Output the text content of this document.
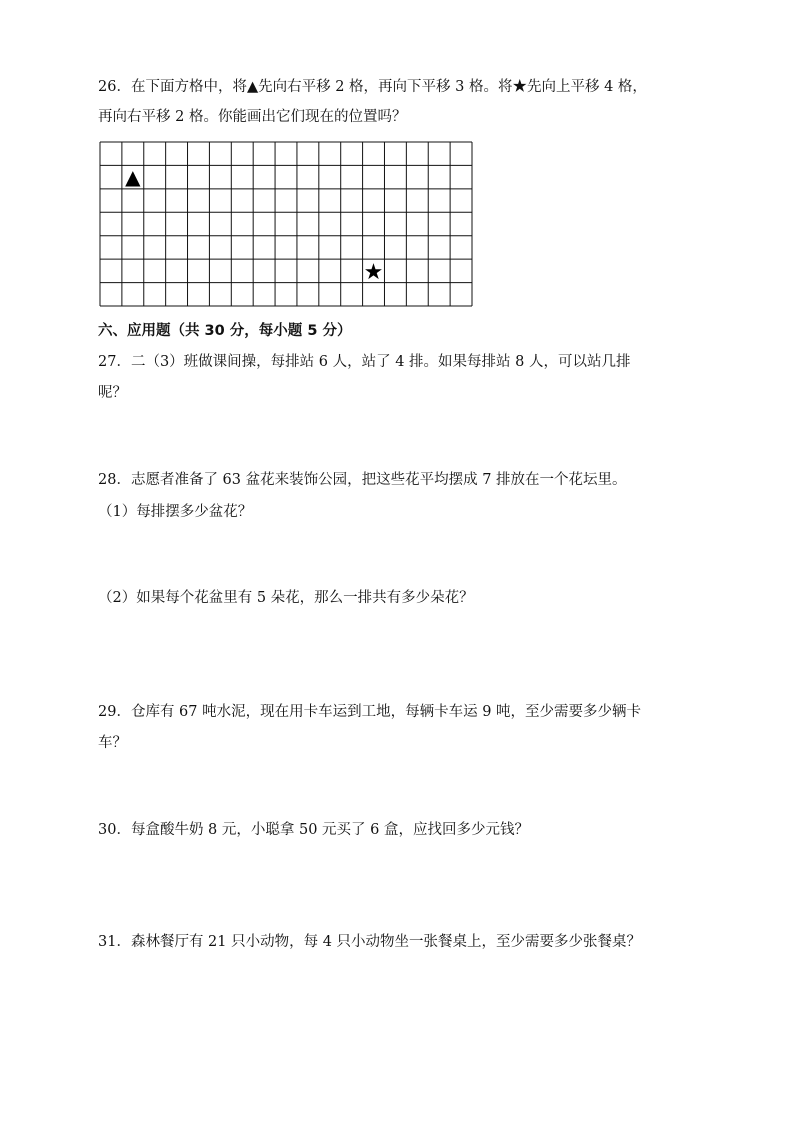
26．在下面方格中，将▲先向右平移 2 格，再向下平移 3 格。将★先向上平移 4 格，
再向右平移 2 格。你能画出它们现在的位置吗？
▲
★
六、应用题（共 30 分，每小题 5 分）
27．二（3）班做课间操，每排站 6 人，站了 4 排。如果每排站 8 人，可以站几排
呢？
28．志愿者准备了 63 盆花来装饰公园，把这些花平均摆成 7 排放在一个花坛里。
（1）每排摆多少盆花？
（2）如果每个花盆里有 5 朵花，那么一排共有多少朵花？
29．仓库有 67 吨水泥，现在用卡车运到工地，每辆卡车运 9 吨，至少需要多少辆卡
车？
30．每盒酸牛奶 8 元，小聪拿 50 元买了 6 盒，应找回多少元钱？
31．森林餐厅有 21 只小动物，每 4 只小动物坐一张餐桌上，至少需要多少张餐桌？
